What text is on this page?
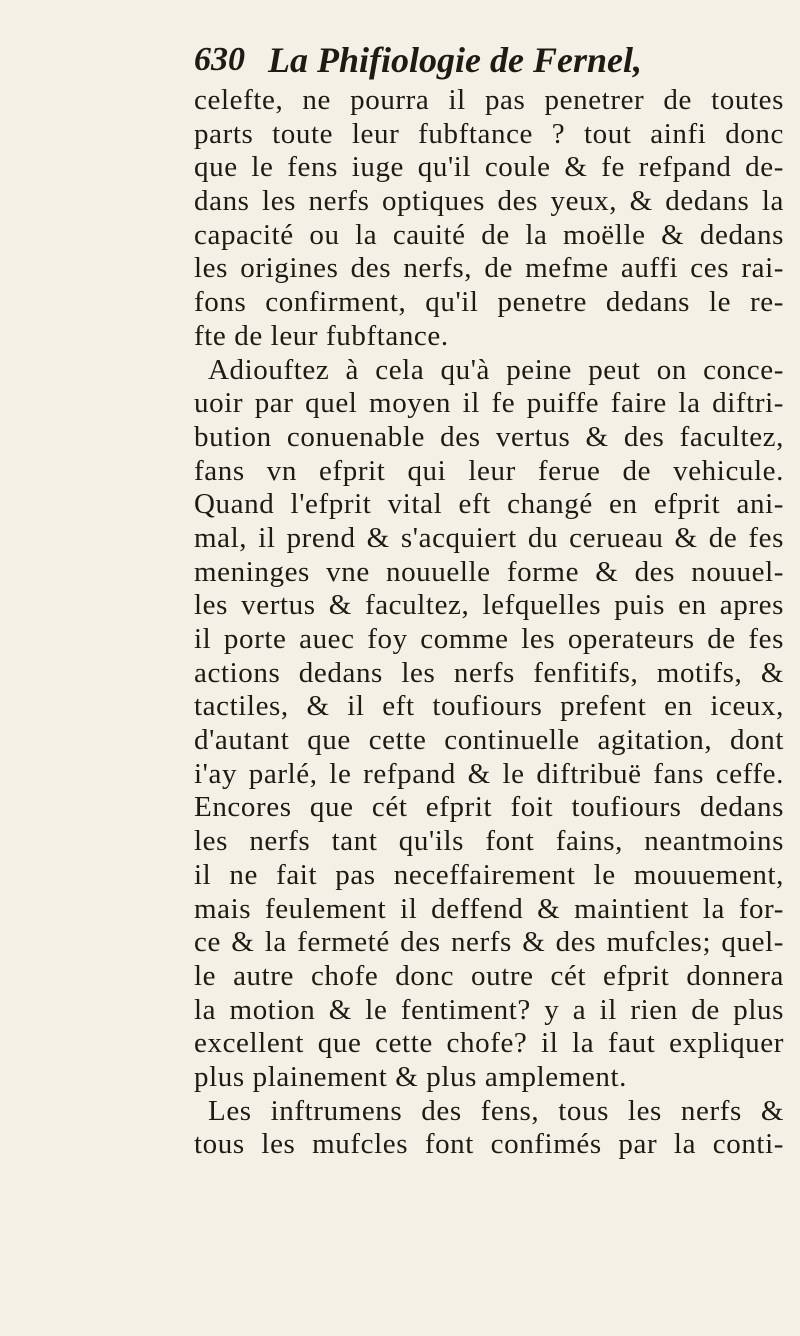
630 La Phifiologie de Fernel,
celefte, ne pourra il pas penetrer de toutes
parts toute leur fubftance ? tout ainfi donc
que le fens iuge qu'il coule & fe refpand de-
dans les nerfs optiques des yeux, & dedans la
capacité ou la cauité de la moëlle & dedans
les origines des nerfs, de mefme auffi ces rai-
fons confirment, qu'il penetre dedans le re-
fte de leur fubftance.
Adiouftez à cela qu'à peine peut on conce-
uoir par quel moyen il fe puiffe faire la diftri-
bution conuenable des vertus & des facultez,
fans vn efprit qui leur ferue de vehicule.
Quand l'efprit vital eft changé en efprit ani-
mal, il prend & s'acquiert du cerueau & de fes
meninges vne nouuelle forme & des nouuel-
les vertus & facultez, lefquelles puis en apres
il porte auec foy comme les operateurs de fes
actions dedans les nerfs fenfitifs, motifs, &
tactiles, & il eft toufiours prefent en iceux,
d'autant que cette continuelle agitation, dont
i'ay parlé, le refpand & le diftribuë fans ceffe.
Encores que cét efprit foit toufiours dedans
les nerfs tant qu'ils font fains, neantmoins
il ne fait pas neceffairement le mouuement,
mais feulement il deffend & maintient la for-
ce & la fermeté des nerfs & des mufcles; quel-
le autre chofe donc outre cét efprit donnera
la motion & le fentiment? y a il rien de plus
excellent que cette chofe? il la faut expliquer
plus plainement & plus amplement.
Les inftrumens des fens, tous les nerfs &
tous les mufcles font confimés par la conti-
